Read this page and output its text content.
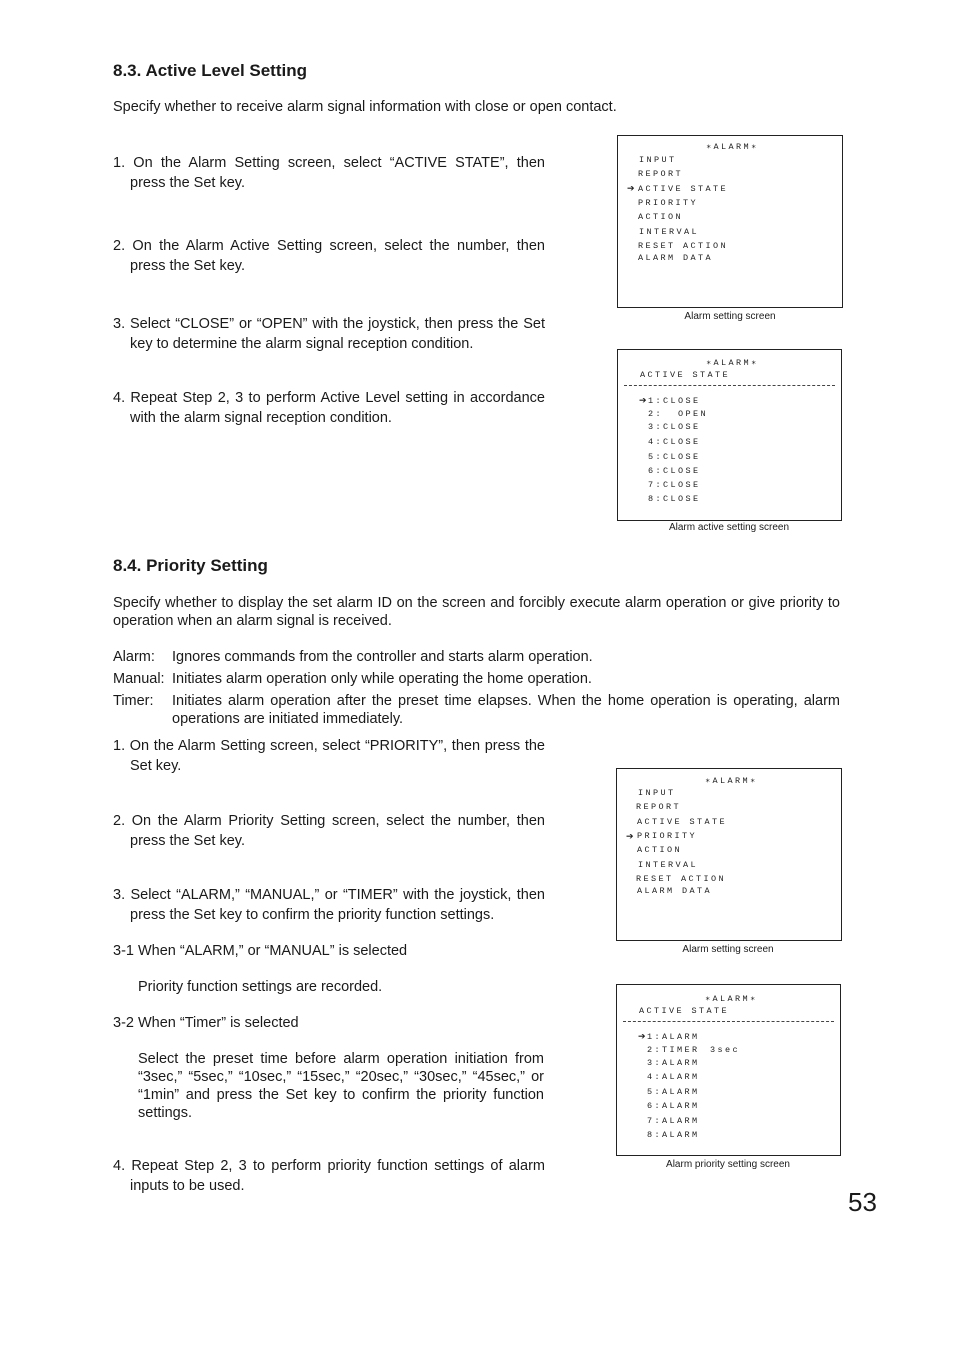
8.3. Active Level Setting
Specify whether to receive alarm signal information with close or open contact.
1. On the Alarm Setting screen, select “ACTIVE STATE”, then press the Set key.
2. On the Alarm Active Setting screen, select the number, then press the Set key.
3. Select “CLOSE” or “OPEN” with the joystick, then press the Set key to determine the alarm signal reception condition.
4. Repeat Step 2, 3 to perform Active Level setting in accordance with the alarm signal reception condition.
∗ALARM∗
INPUT
REPORT
➔ ACTIVE STATE
PRIORITY
ACTION
INTERVAL
RESET ACTION
ALARM DATA
Alarm setting screen
∗ALARM∗
ACTIVE STATE
➔ 1:CLOSE
2:  OPEN
3:CLOSE
4:CLOSE
5:CLOSE
6:CLOSE
7:CLOSE
8:CLOSE
Alarm active setting screen
8.4. Priority Setting
Specify whether to display the set alarm ID on the screen and forcibly execute alarm operation or give priority to operation when an alarm signal is received.
Alarm: Ignores commands from the controller and starts alarm operation.
Manual: Initiates alarm operation only while operating the home operation.
Timer: Initiates alarm operation after the preset time elapses. When the home operation is operating, alarm operations are initiated immediately.
1. On the Alarm Setting screen, select “PRIORITY”, then press the Set key.
2. On the Alarm Priority Setting screen, select the number, then press the Set key.
3. Select “ALARM,” “MANUAL,” or “TIMER” with the joystick, then press the Set key to confirm the priority function settings.
3-1 When “ALARM,” or “MANUAL” is selected
Priority function settings are recorded.
3-2 When “Timer” is selected
Select the preset time before alarm operation initiation from “3sec,” “5sec,” “10sec,” “15sec,” “20sec,” “30sec,” “45sec,” or “1min” and press the Set key to confirm the priority function settings.
4. Repeat Step 2, 3 to perform priority function settings of alarm inputs to be used.
∗ALARM∗
INPUT
REPORT
ACTIVE STATE
➔ PRIORITY
ACTION
INTERVAL
RESET ACTION
ALARM DATA
Alarm setting screen
∗ALARM∗
ACTIVE STATE
➔ 1:ALARM
2:TIMER 3sec
3:ALARM
4:ALARM
5:ALARM
6:ALARM
7:ALARM
8:ALARM
Alarm priority setting screen
53
